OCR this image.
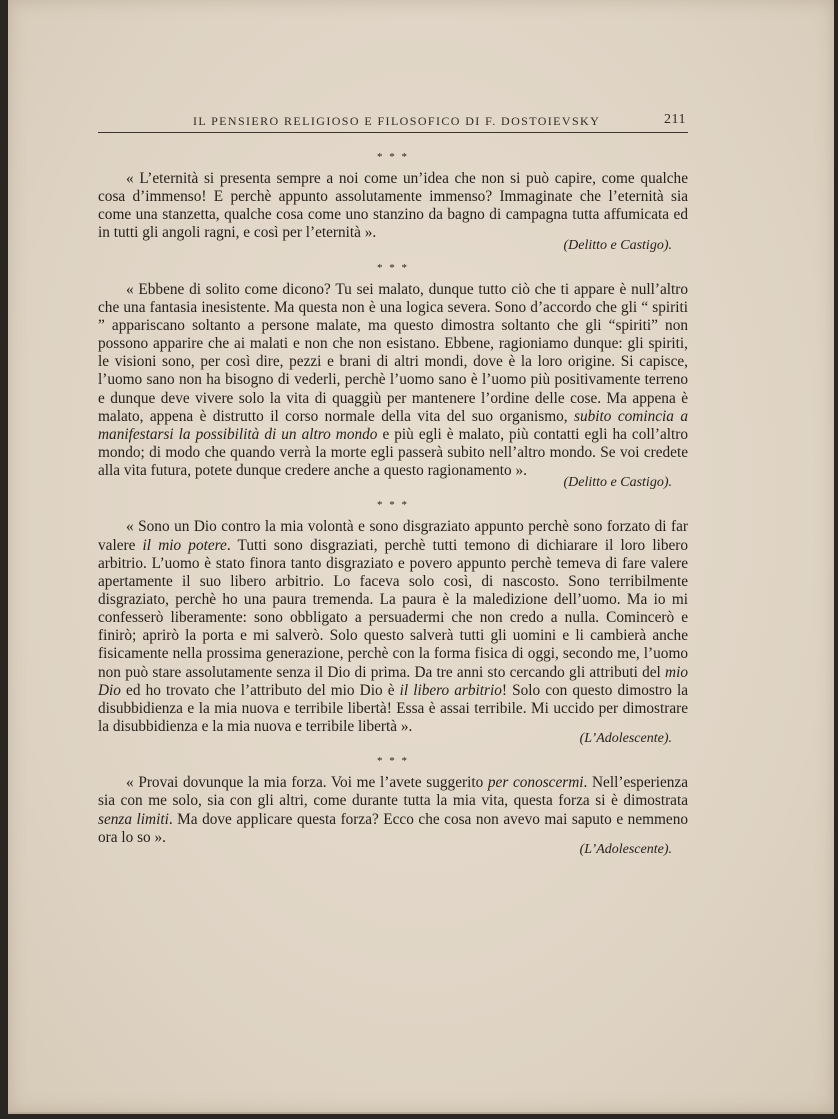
IL PENSIERO RELIGIOSO E FILOSOFICO DI F. DOSTOIEVSKY	211
* * *

« L’eternità si presenta sempre a noi come un’idea che non si può capire, come qualche cosa d’immenso! E perchè appunto assolutamente immenso? Immaginate che l’eternità sia come una stanzetta, qualche cosa come uno stanzino da bagno di campagna tutta affumicata ed in tutti gli angoli ragni, e così per l’eternità ».

(Delitto e Castigo).
* * *

« Ebbene di solito come dicono? Tu sei malato, dunque tutto ciò che ti appare è null’altro che una fantasia inesistente. Ma questa non è una logica severa. Sono d’accordo che gli “ spiriti ” appariscano soltanto a persone malate, ma questo dimostra soltanto che gli “spiriti” non possono apparire che ai malati e non che non esistano. Ebbene, ragioniamo dunque: gli spiriti, le visioni sono, per così dire, pezzi e brani di altri mondi, dove è la loro origine. Si capisce, l’uomo sano non ha bisogno di vederli, perchè l’uomo sano è l’uomo più positivamente terreno e dunque deve vivere solo la vita di quaggiù per mantenere l’ordine delle cose. Ma appena è malato, appena è distrutto il corso normale della vita del suo organismo, subito comincia a manifestarsi la possibilità di un altro mondo e più egli è malato, più contatti egli ha coll’altro mondo; di modo che quando verrà la morte egli passerà subito nell’altro mondo. Se voi credete alla vita futura, potete dunque credere anche a questo ragionamento ».

(Delitto e Castigo).
* * *

« Sono un Dio contro la mia volontà e sono disgraziato appunto perchè sono forzato di far valere il mio potere. Tutti sono disgraziati, perchè tutti temono di dichiarare il loro libero arbitrio. L’uomo è stato finora tanto disgraziato e povero appunto perchè temeva di fare valere apertamente il suo libero arbitrio. Lo faceva solo così, di nascosto. Sono terribilmente disgraziato, perchè ho una paura tremenda. La paura è la maledizione dell’uomo. Ma io mi confesserò liberamente: sono obbligato a persuadermi che non credo a nulla. Comincerò e finirò; aprirò la porta e mi salverò. Solo questo salverà tutti gli uomini e li cambierà anche fisicamente nella prossima generazione, perchè con la forma fisica di oggi, secondo me, l’uomo non può stare assolutamente senza il Dio di prima. Da tre anni sto cercando gli attributi del mio Dio ed ho trovato che l’attributo del mio Dio è il libero arbitrio! Solo con questo dimostro la disubbidienza e la mia nuova e terribile libertà! Essa è assai terribile. Mi uccido per dimostrare la disubbidienza e la mia nuova e terribile libertà ».

(L’Adolescente).
* * *

« Provai dovunque la mia forza. Voi me l’avete suggerito per conoscermi. Nell’esperienza sia con me solo, sia con gli altri, come durante tutta la mia vita, questa forza si è dimostrata senza limiti. Ma dove applicare questa forza? Ecco che cosa non avevo mai saputo e nemmeno ora lo so ».

(L’Adolescente).
